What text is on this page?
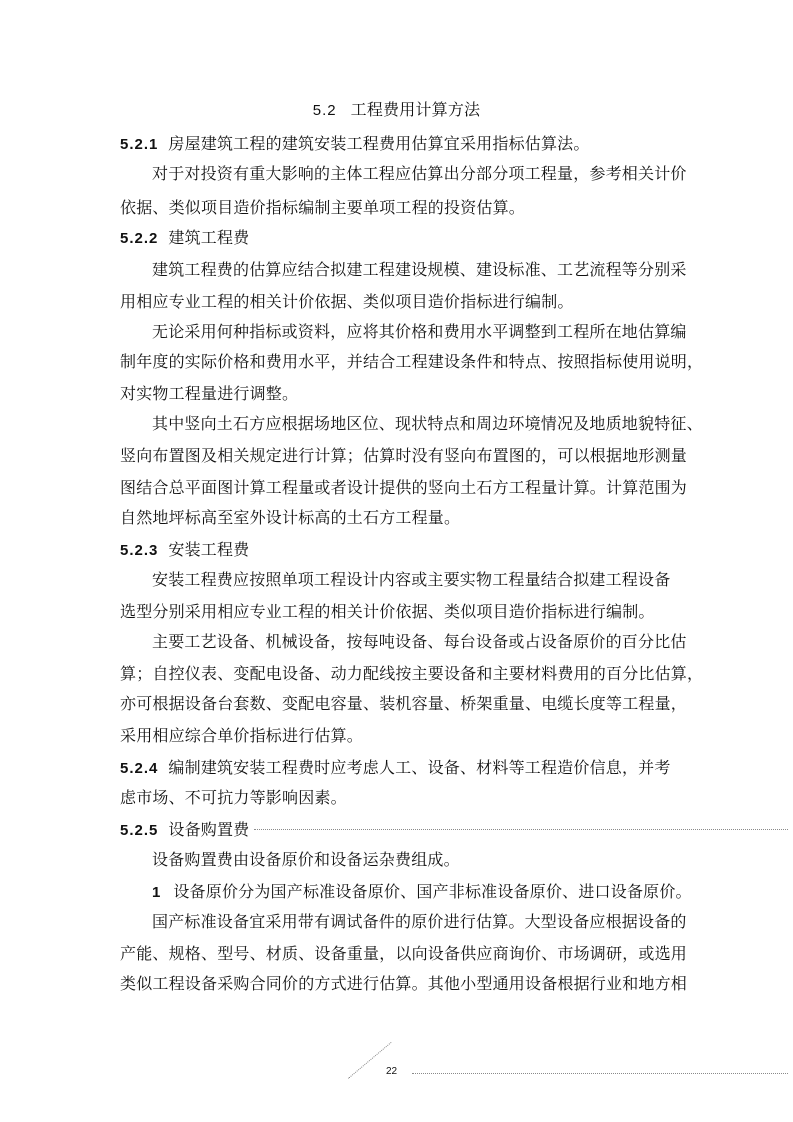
5.2 工程费用计算方法
5.2.1 房屋建筑工程的建筑安装工程费用估算宜采用指标估算法。
对于对投资有重大影响的主体工程应估算出分部分项工程量，参考相关计价
依据、类似项目造价指标编制主要单项工程的投资估算。
5.2.2 建筑工程费
建筑工程费的估算应结合拟建工程建设规模、建设标准、工艺流程等分别采
用相应专业工程的相关计价依据、类似项目造价指标进行编制。
无论采用何种指标或资料，应将其价格和费用水平调整到工程所在地估算编
制年度的实际价格和费用水平，并结合工程建设条件和特点、按照指标使用说明，
对实物工程量进行调整。
其中竖向土石方应根据场地区位、现状特点和周边环境情况及地质地貌特征、
竖向布置图及相关规定进行计算；估算时没有竖向布置图的，可以根据地形测量
图结合总平面图计算工程量或者设计提供的竖向土石方工程量计算。计算范围为
自然地坪标高至室外设计标高的土石方工程量。
5.2.3 安装工程费
安装工程费应按照单项工程设计内容或主要实物工程量结合拟建工程设备
选型分别采用相应专业工程的相关计价依据、类似项目造价指标进行编制。
主要工艺设备、机械设备，按每吨设备、每台设备或占设备原价的百分比估
算；自控仪表、变配电设备、动力配线按主要设备和主要材料费用的百分比估算，
亦可根据设备台套数、变配电容量、装机容量、桥架重量、电缆长度等工程量，
采用相应综合单价指标进行估算。
5.2.4 编制建筑安装工程费时应考虑人工、设备、材料等工程造价信息，并考
虑市场、不可抗力等影响因素。
5.2.5 设备购置费
设备购置费由设备原价和设备运杂费组成。
1 设备原价分为国产标准设备原价、国产非标准设备原价、进口设备原价。
国产标准设备宜采用带有调试备件的原价进行估算。大型设备应根据设备的
产能、规格、型号、材质、设备重量，以向设备供应商询价、市场调研，或选用
类似工程设备采购合同价的方式进行估算。其他小型通用设备根据行业和地方相
22
